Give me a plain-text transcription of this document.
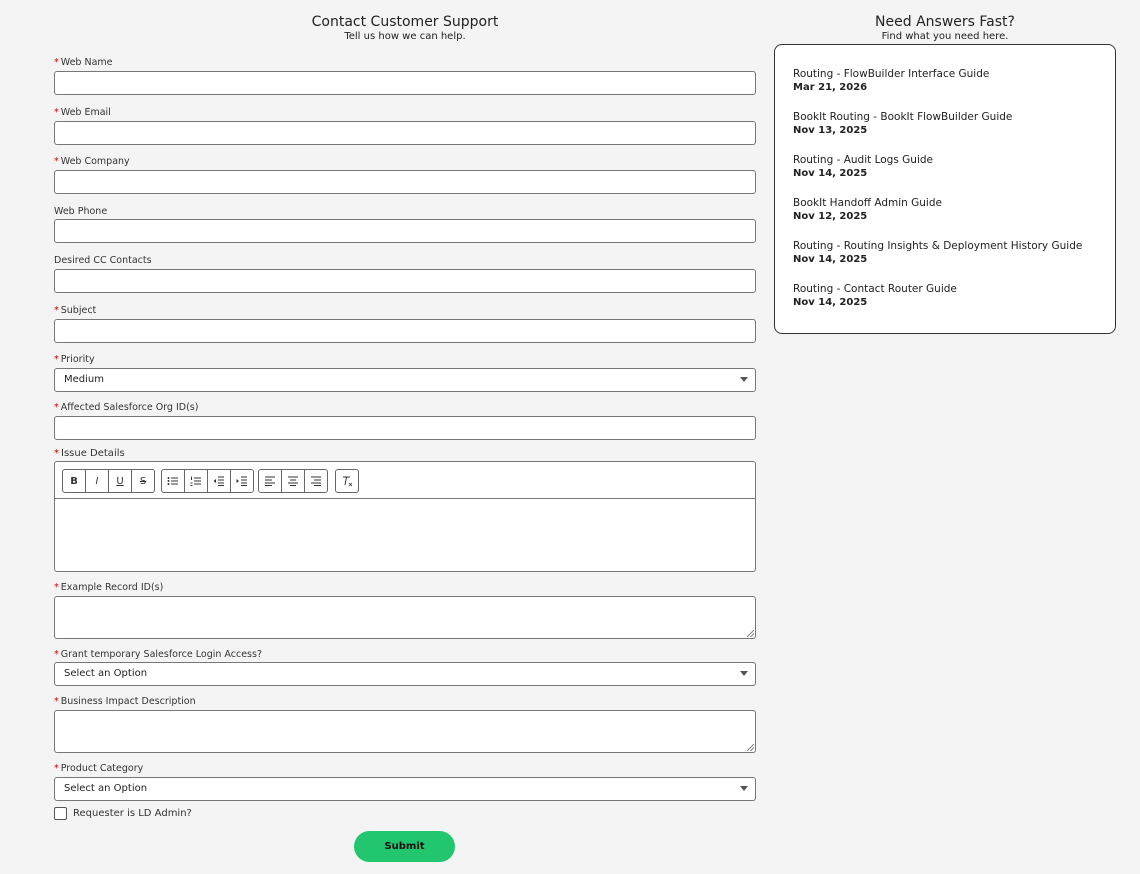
Contact Customer Support
Tell us how we can help.
* Web Name
* Web Email
* Web Company
Web Phone
Desired CC Contacts
* Subject
* Priority
Medium
* Affected Salesforce Org ID(s)
* Issue Details
B	I	U	S
* Example Record ID(s)
* Grant temporary Salesforce Login Access?
Select an Option
* Business Impact Description
* Product Category
Select an Option
Requester is LD Admin?
Submit
Need Answers Fast?
Find what you need here.
Routing - FlowBuilder Interface Guide
Mar 21, 2026
BookIt Routing - BookIt FlowBuilder Guide
Nov 13, 2025
Routing - Audit Logs Guide
Nov 14, 2025
BookIt Handoff Admin Guide
Nov 12, 2025
Routing - Routing Insights & Deployment History Guide
Nov 14, 2025
Routing - Contact Router Guide
Nov 14, 2025
